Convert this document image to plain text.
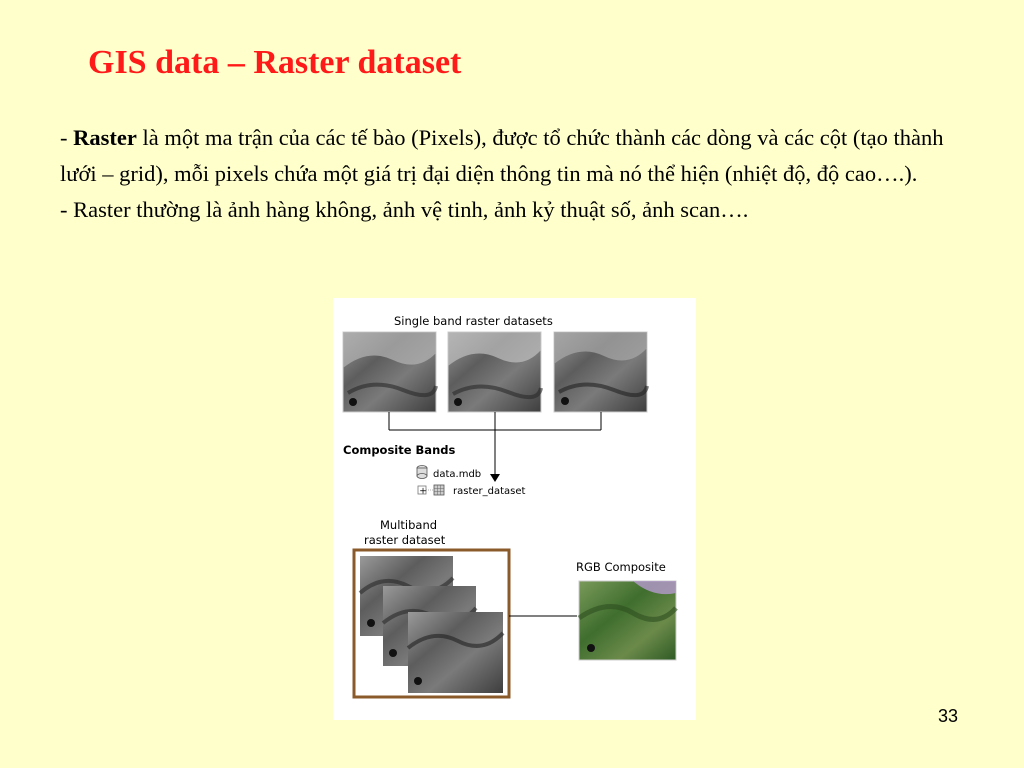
GIS data – Raster dataset

- Raster là một ma trận của các tế bào (Pixels), được tổ chức thành các dòng và các cột (tạo thành lưới – grid), mỗi pixels chứa một giá trị đại diện thông tin mà nó thể hiện (nhiệt độ, độ cao….).

- Raster thường là ảnh hàng không, ảnh vệ tinh, ảnh kỷ thuật số, ảnh scan….

Single band raster datasets
Composite Bands
data.mdb
+	raster_dataset
Multiband
raster dataset
RGB Composite
33
